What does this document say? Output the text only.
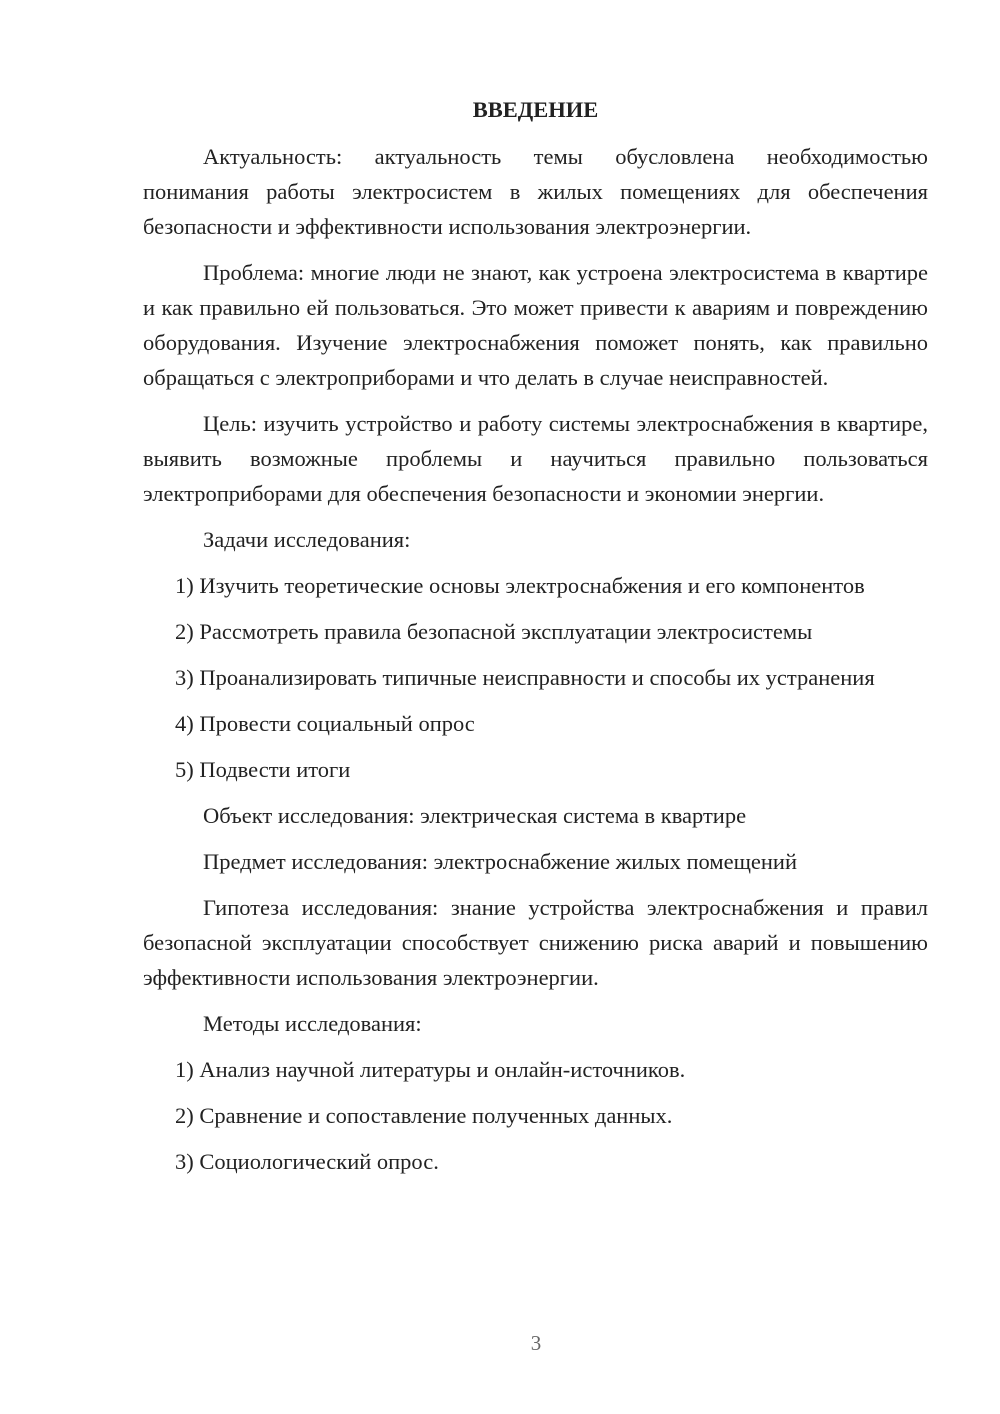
ВВЕДЕНИЕ

Актуальность: актуальность темы обусловлена необходимостью понимания работы электросистем в жилых помещениях для обеспечения безопасности и эффективности использования электроэнергии.

Проблема: многие люди не знают, как устроена электросистема в квартире и как правильно ей пользоваться. Это может привести к авариям и повреждению оборудования. Изучение электроснабжения поможет понять, как правильно обращаться с электроприборами и что делать в случае неисправностей.

Цель: изучить устройство и работу системы электроснабжения в квартире, выявить возможные проблемы и научиться правильно пользоваться электроприборами для обеспечения безопасности и экономии энергии.

Задачи исследования:

1) Изучить теоретические основы электроснабжения и его компонентов

2) Рассмотреть правила безопасной эксплуатации электросистемы

3) Проанализировать типичные неисправности и способы их устранения

4) Провести социальный опрос

5) Подвести итоги

Объект исследования: электрическая система в квартире

Предмет исследования: электроснабжение жилых помещений

Гипотеза исследования: знание устройства электроснабжения и правил безопасной эксплуатации способствует снижению риска аварий и повышению эффективности использования электроэнергии.

Методы исследования:

1) Анализ научной литературы и онлайн-источников.

2) Сравнение и сопоставление полученных данных.

3) Социологический опрос.

3
